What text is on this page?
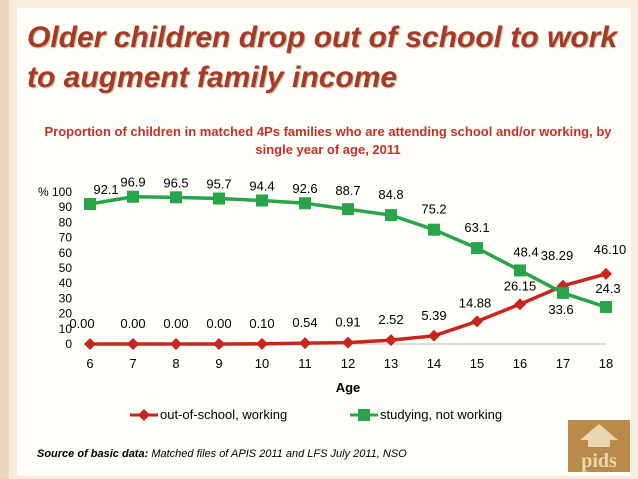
Older children drop out of school to work to augment family income
Proportion of children in matched 4Ps families who are attending school and/or working, by single year of age, 2011
0
10
20
30
40
50
60
70
80
90
100
%
6	7	8	9 10 11 12 13 14 15 16 17 18
Age
0.00 0.00 0.00 0.00 0.10 0.54 0.91 2.52 5.39
14.88
26.15
38.29 46.10
92.1 96.9 96.5 95.7 94.4 92.6 88.7 84.8
75.2
63.1
48.4
33.6
24.3
out-of-school, working	studying, not working
Source of basic data: Matched files of APIS 2011 and LFS July 2011, NSO	pids
